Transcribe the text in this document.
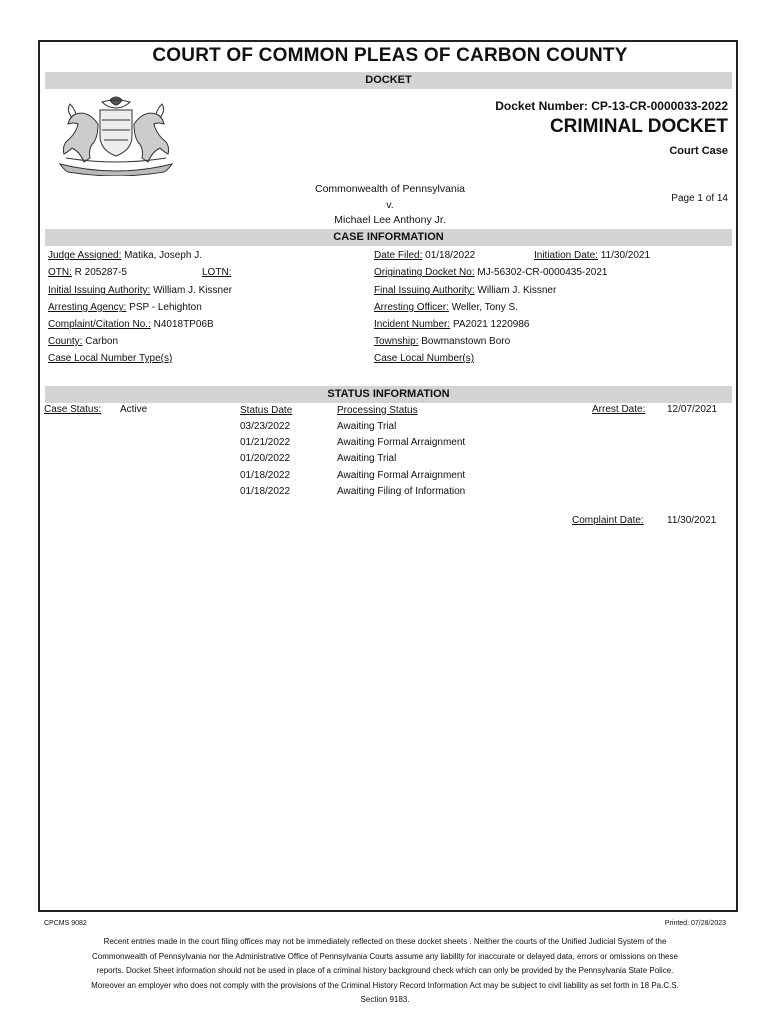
COURT OF COMMON PLEAS OF CARBON COUNTY
DOCKET
Docket Number: CP-13-CR-0000033-2022
CRIMINAL DOCKET
Court Case
Commonwealth of Pennsylvania
v.
Michael Lee Anthony Jr.
Page 1 of 14
CASE INFORMATION
Judge Assigned: Matika, Joseph J.
OTN: R 205287-5	LOTN:
Initial Issuing Authority: William J. Kissner
Arresting Agency: PSP - Lehighton
Complaint/Citation No.: N4018TP06B
County: Carbon
Case Local Number Type(s)
Date Filed: 01/18/2022	Initiation Date: 11/30/2021
Originating Docket No: MJ-56302-CR-0000435-2021
Final Issuing Authority: William J. Kissner
Arresting Officer: Weller, Tony S.
Incident Number: PA2021 1220986
Township: Bowmanstown Boro
Case Local Number(s)
STATUS INFORMATION
Case Status: Active	Status Date	Processing Status	Arrest Date: 12/07/2021
03/23/2022	Awaiting Trial
01/21/2022	Awaiting Formal Arraignment
01/20/2022	Awaiting Trial
01/18/2022	Awaiting Formal Arraignment
01/18/2022	Awaiting Filing of Information
Complaint Date: 11/30/2021
CPCMS 9082	Printed: 07/28/2023
Recent entries made in the court filing offices may not be immediately reflected on these docket sheets . Neither the courts of the Unified Judicial System of the Commonwealth of Pennsylvania nor the Administrative Office of Pennsylvania Courts assume any liability for inaccurate or delayed data, errors or omissions on these reports. Docket Sheet information should not be used in place of a criminal history background check which can only be provided by the Pennsylvania State Police. Moreover an employer who does not comply with the provisions of the Criminal History Record Information Act may be subject to civil liability as set forth in 18 Pa.C.S. Section 9183.
